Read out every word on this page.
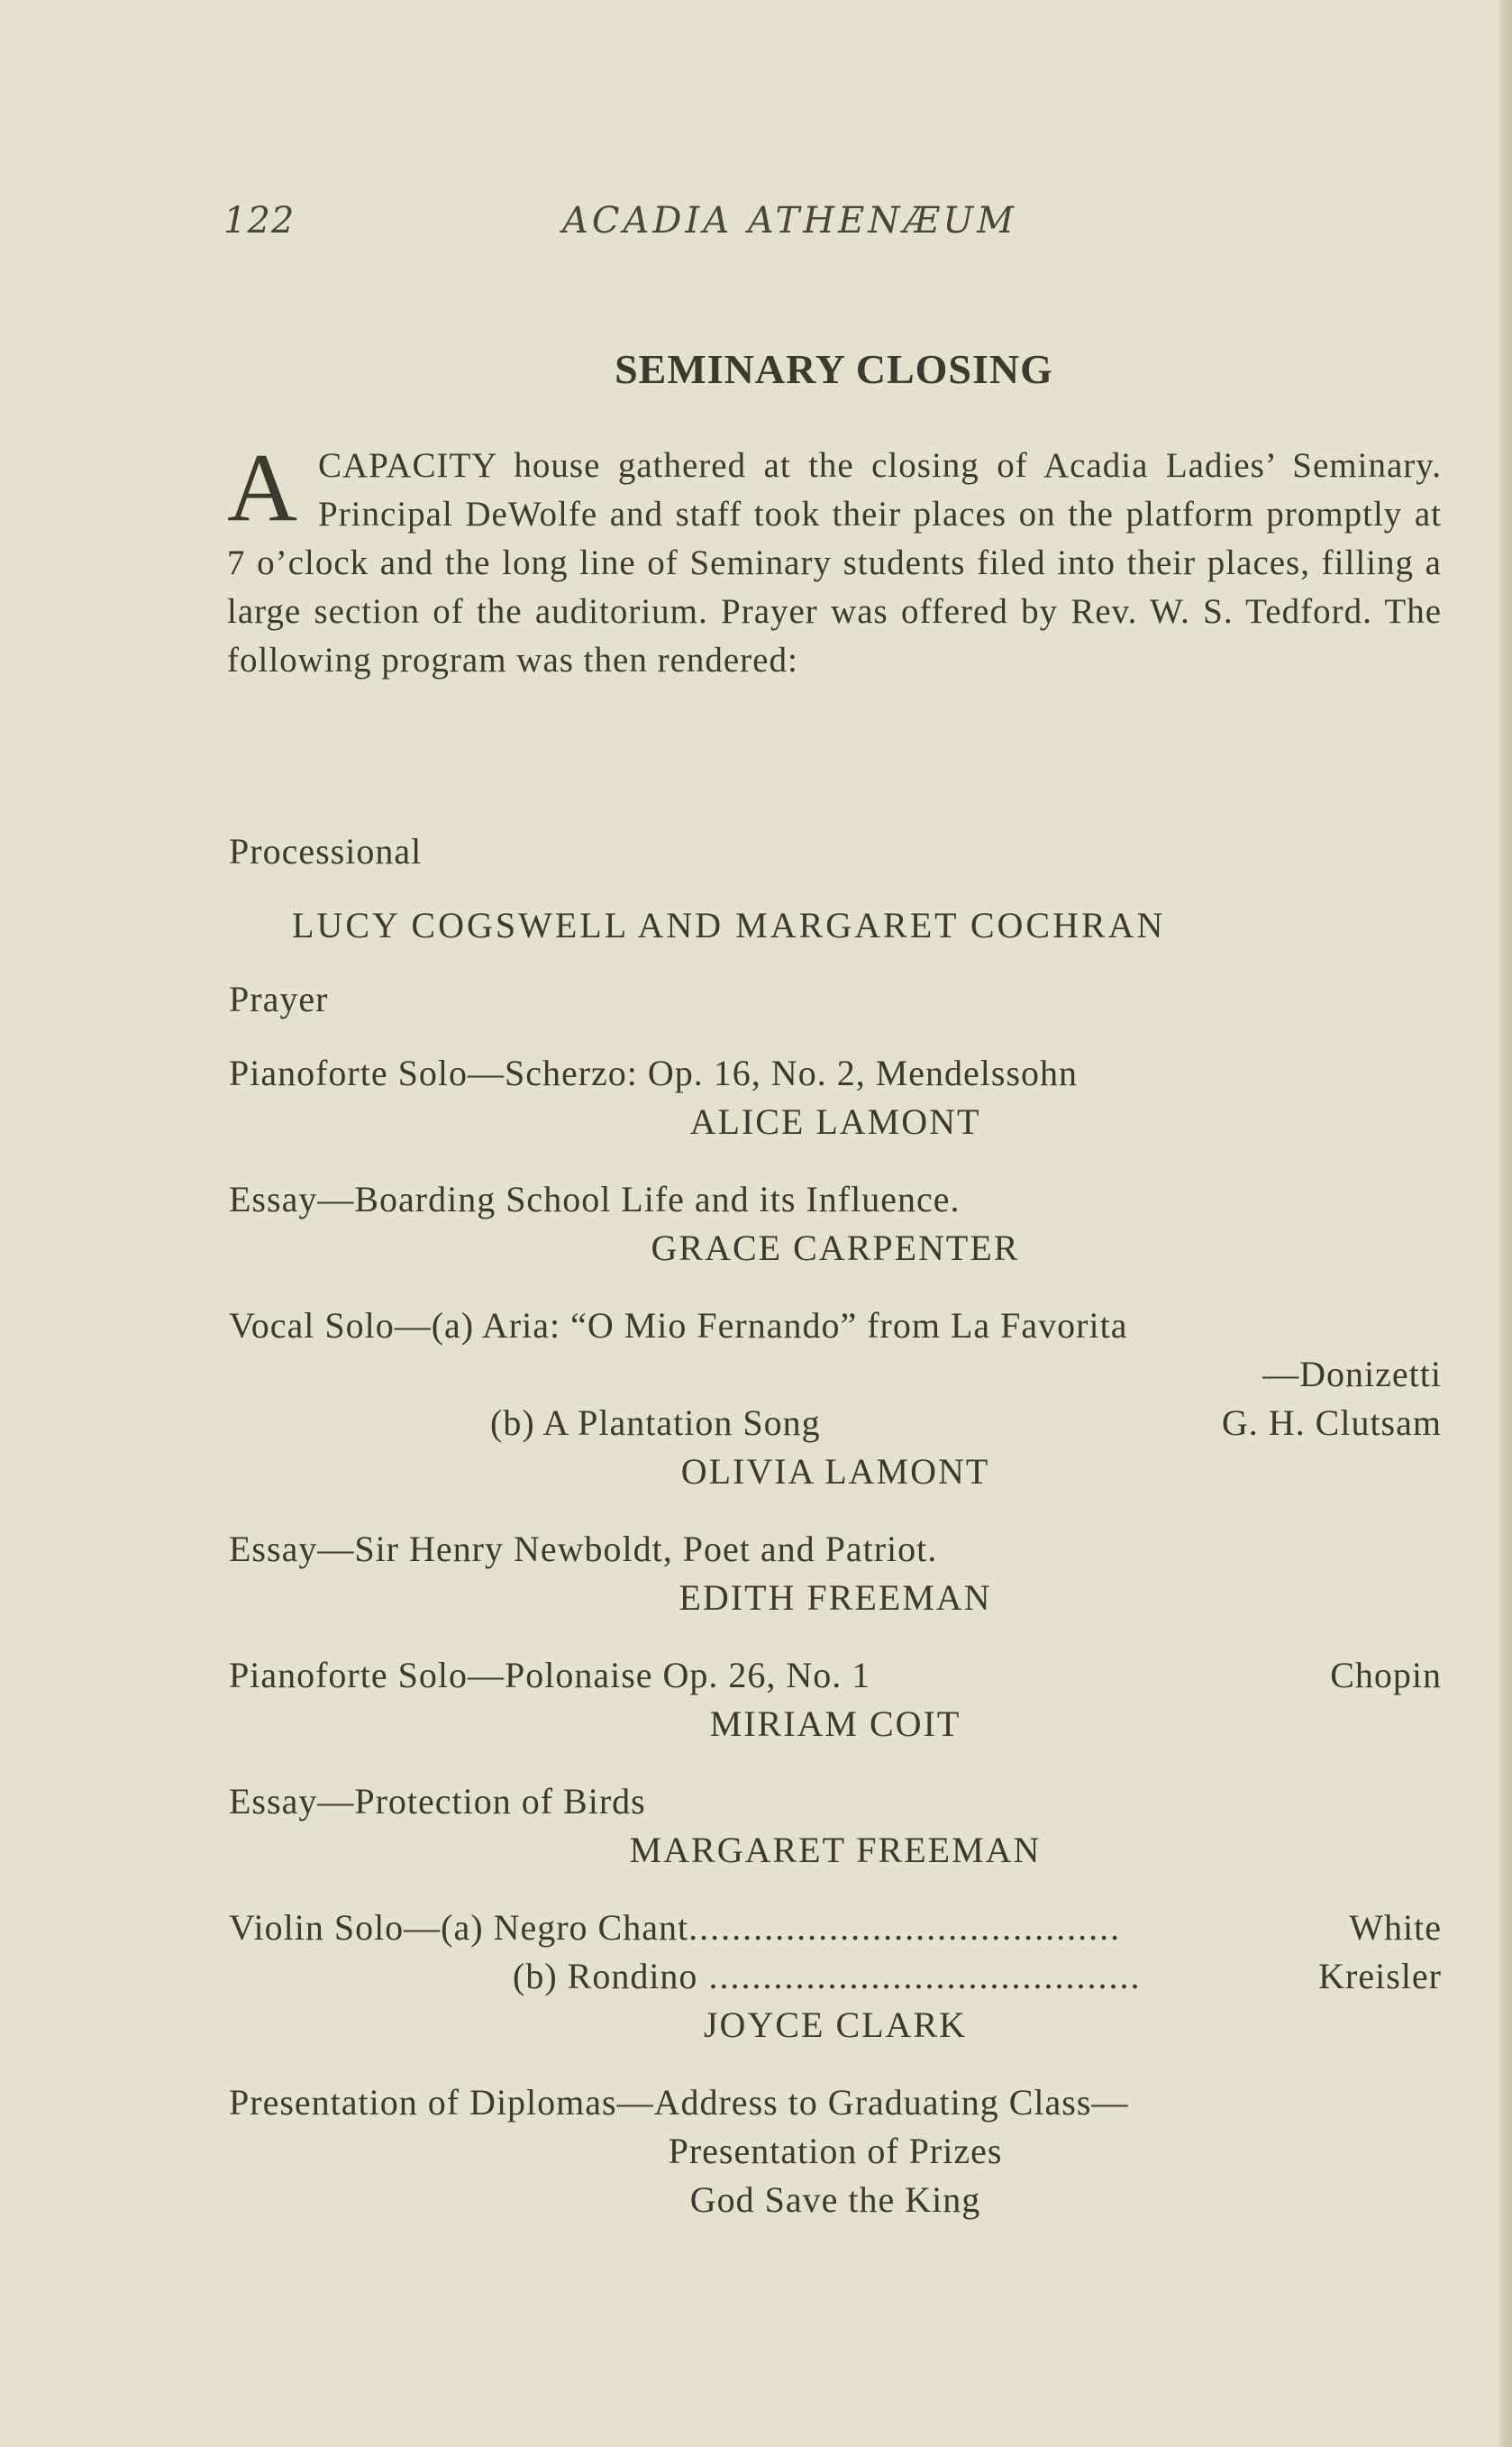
122	ACADIA ATHENÆUM
SEMINARY CLOSING
A CAPACITY house gathered at the closing of Acadia Ladies’ Seminary. Principal DeWolfe and staff took their places on the platform promptly at 7 o’clock and the long line of Seminary students filed into their places, filling a large section of the auditorium. Prayer was offered by Rev. W. S. Tedford. The following program was then rendered:
Processional
LUCY COGSWELL AND MARGARET COCHRAN
Prayer
Pianoforte Solo—Scherzo: Op. 16, No. 2, Mendelssohn
ALICE LAMONT
Essay—Boarding School Life and its Influence.
GRACE CARPENTER
Vocal Solo—(a) Aria: “O Mio Fernando” from La Favorita
—Donizetti
(b) A Plantation Song	G. H. Clutsam
OLIVIA LAMONT
Essay—Sir Henry Newboldt, Poet and Patriot.
EDITH FREEMAN
Pianoforte Solo—Polonaise Op. 26, No. 1	Chopin
MIRIAM COIT
Essay—Protection of Birds
MARGARET FREEMAN
Violin Solo—(a) Negro Chant ........................................	White
(b) Rondino ........................................	Kreisler
JOYCE CLARK
Presentation of Diplomas—Address to Graduating Class—
Presentation of Prizes
God Save the King
